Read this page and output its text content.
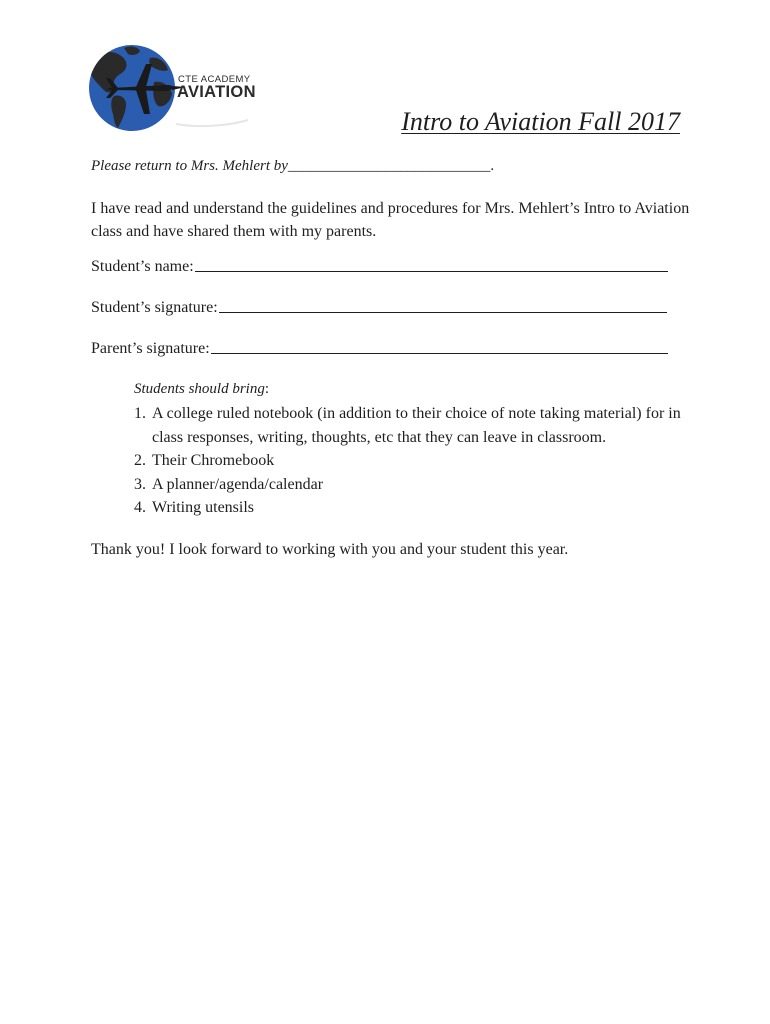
CTE ACADEMY
AVIATION
Intro to Aviation Fall 2017
Please return to Mrs. Mehlert by___________________________.
I have read and understand the guidelines and procedures for Mrs. Mehlert’s Intro to Aviation class and have shared them with my parents.
Student’s name:
Student’s signature:
Parent’s signature:
Students should bring:
1. A college ruled notebook (in addition to their choice of note taking material) for in class responses, writing, thoughts, etc that they can leave in classroom.
2. Their Chromebook
3. A planner/agenda/calendar
4. Writing utensils
Thank you! I look forward to working with you and your student this year.
